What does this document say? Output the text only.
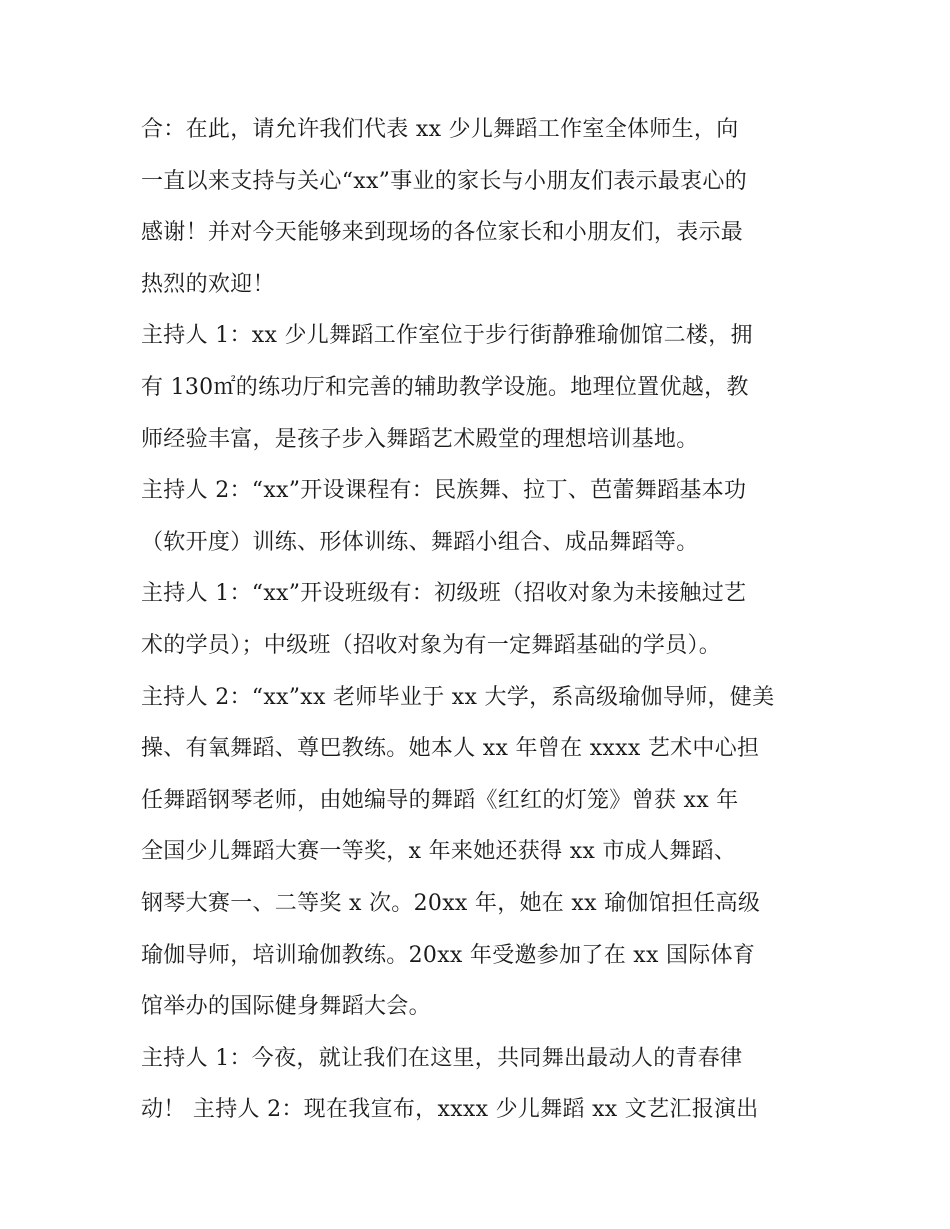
合：在此，请允许我们代表 xx 少儿舞蹈工作室全体师生，向
一直以来支持与关心“xx”事业的家长与小朋友们表示最衷心的
感谢！并对今天能够来到现场的各位家长和小朋友们，表示最
热烈的欢迎！
主持人 1：xx 少儿舞蹈工作室位于步行街静雅瑜伽馆二楼，拥
有 130㎡的练功厅和完善的辅助教学设施。地理位置优越，教
师经验丰富，是孩子步入舞蹈艺术殿堂的理想培训基地。
主持人 2：“xx”开设课程有：民族舞、拉丁、芭蕾舞蹈基本功
（软开度）训练、形体训练、舞蹈小组合、成品舞蹈等。
主持人 1：“xx”开设班级有：初级班（招收对象为未接触过艺
术的学员）；中级班（招收对象为有一定舞蹈基础的学员）。
主持人 2：“xx”xx 老师毕业于 xx 大学，系高级瑜伽导师，健美
操、有氧舞蹈、尊巴教练。她本人 xx 年曾在 xxxx 艺术中心担
任舞蹈钢琴老师，由她编导的舞蹈《红红的灯笼》曾获 xx 年
全国少儿舞蹈大赛一等奖，x 年来她还获得 xx 市成人舞蹈、
钢琴大赛一、二等奖 x 次。20xx 年，她在 xx 瑜伽馆担任高级
瑜伽导师，培训瑜伽教练。20xx 年受邀参加了在 xx 国际体育
馆举办的国际健身舞蹈大会。
主持人 1：今夜，就让我们在这里，共同舞出最动人的青春律
动！ 主持人 2：现在我宣布，xxxx 少儿舞蹈 xx 文艺汇报演出
